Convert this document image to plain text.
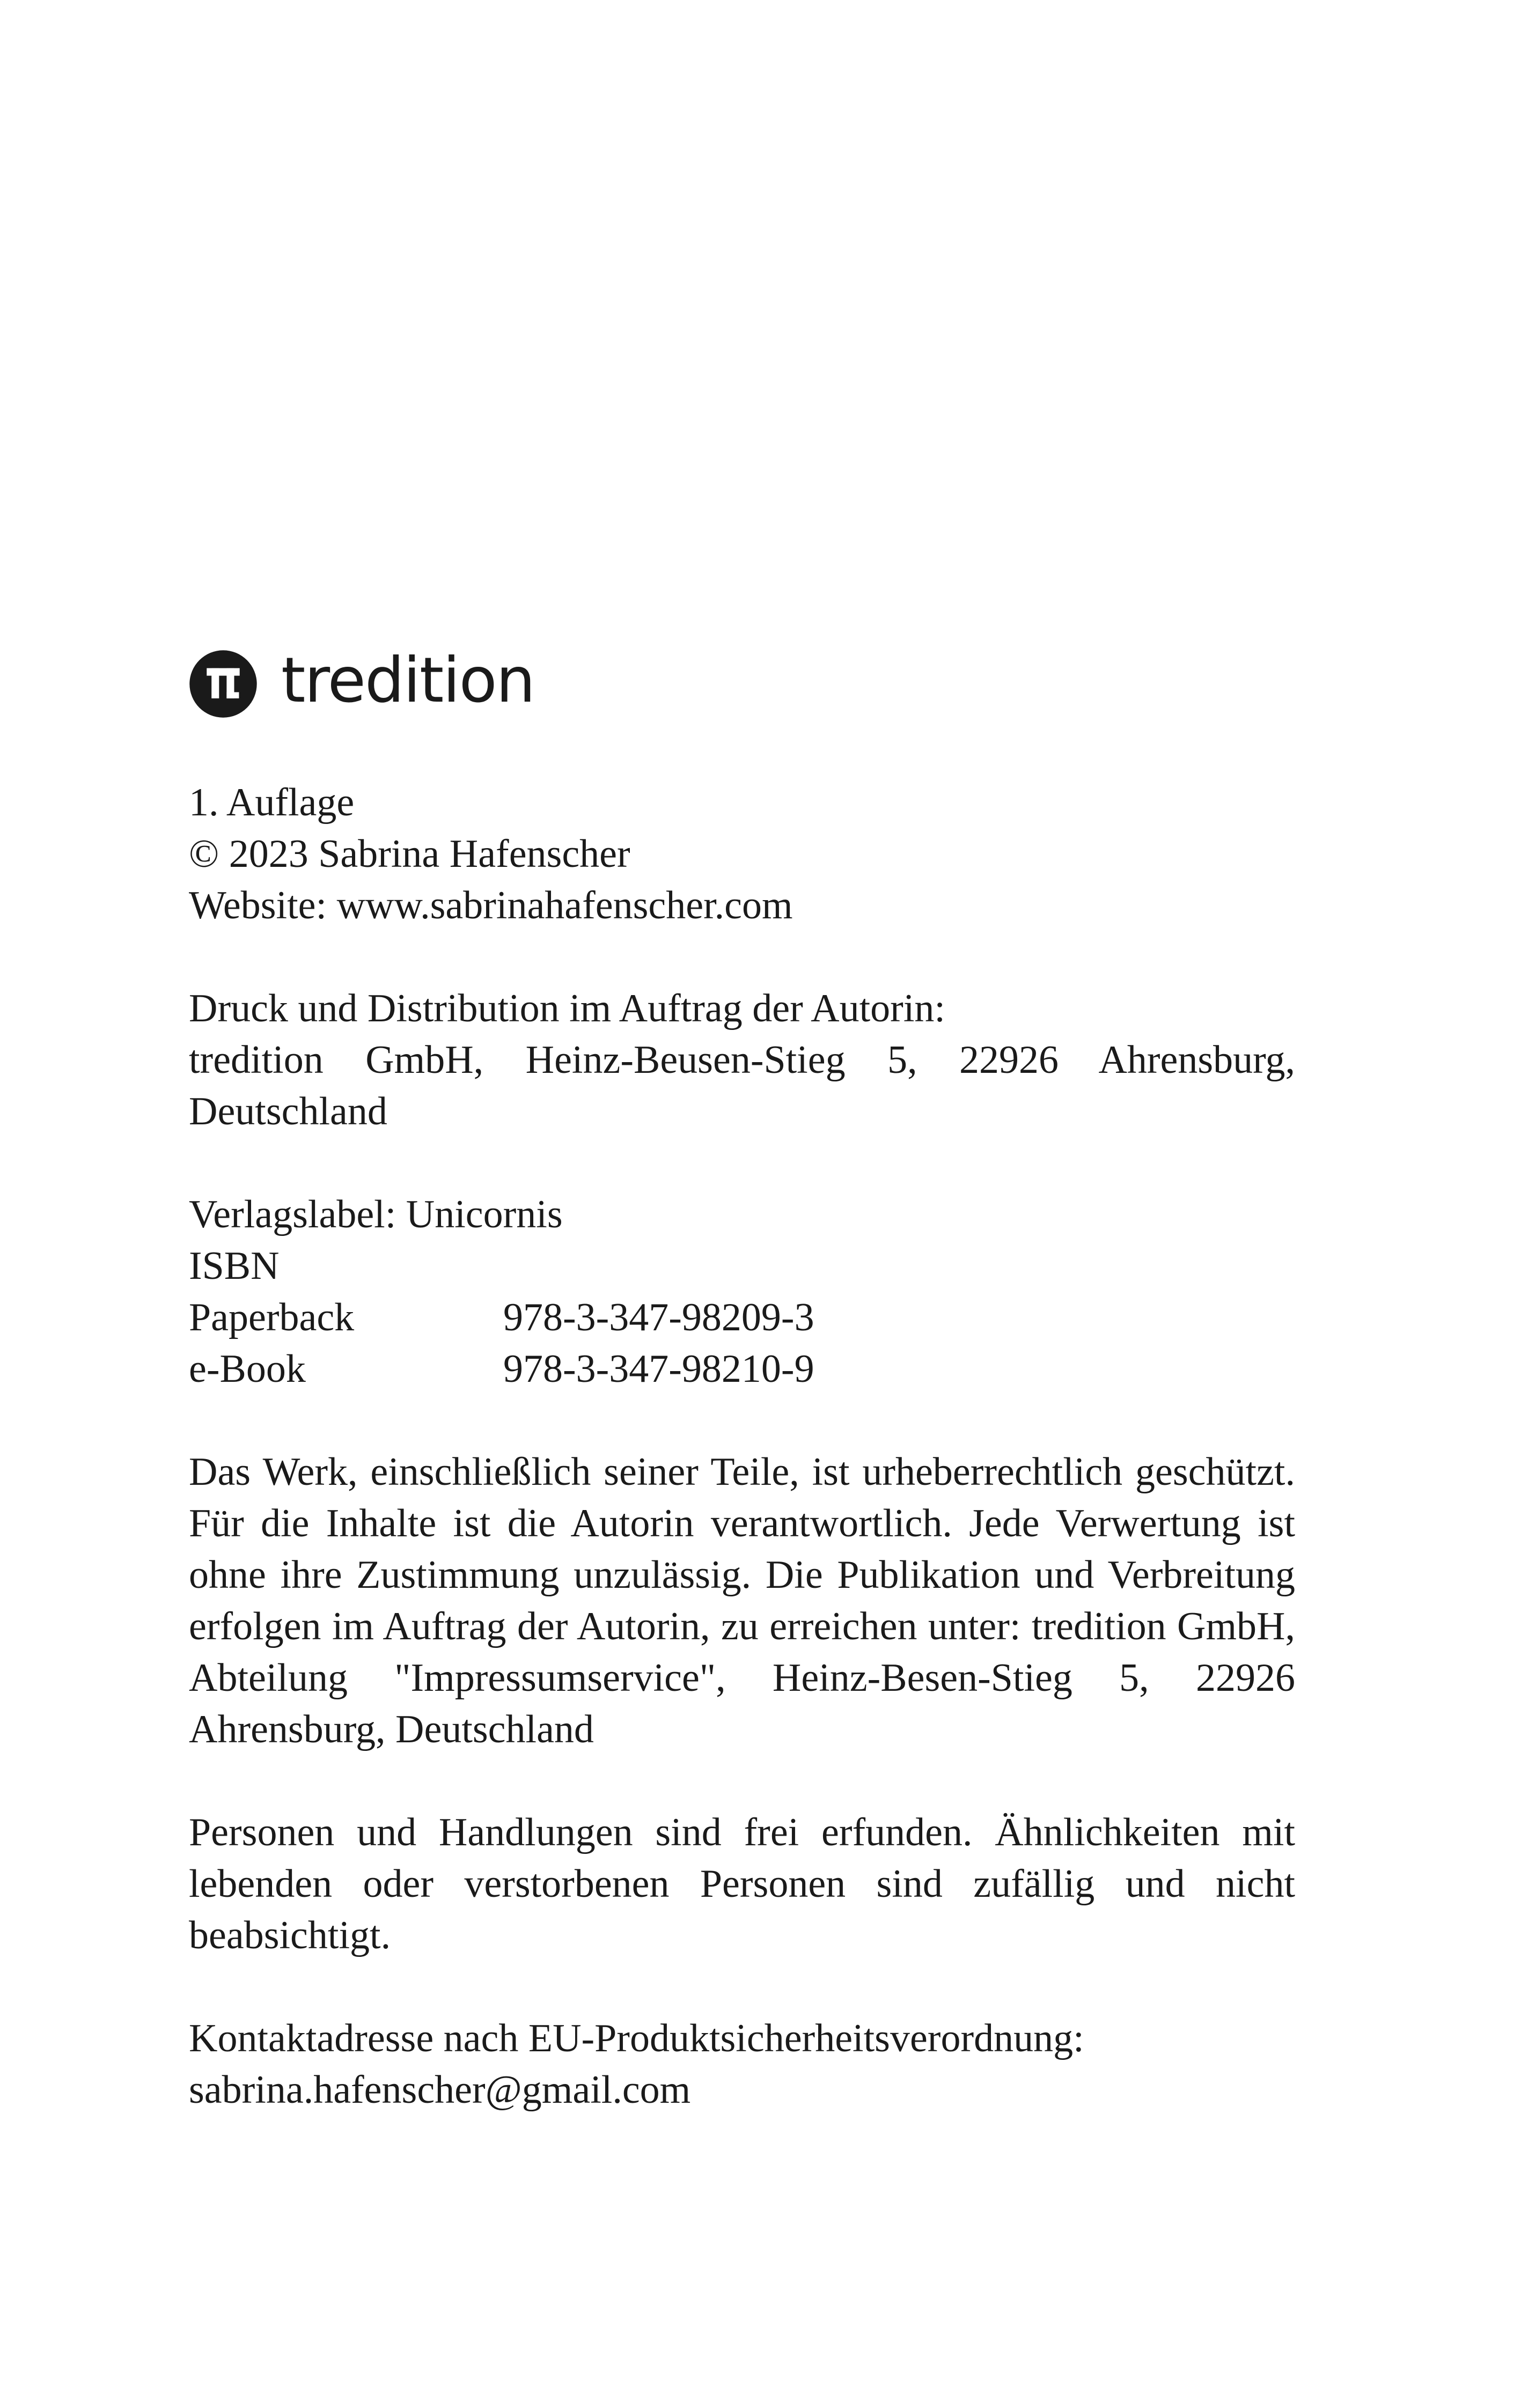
tredition
1. Auflage
© 2023 Sabrina Hafenscher
Website: www.sabrinahafenscher.com
Druck und Distribution im Auftrag der Autorin:

tredition GmbH, Heinz-Beusen-Stieg 5, 22926 Ahrensburg, Deutschland

Verlagslabel: Unicornis
ISBN
Paperback	978-3-347-98209-3
e-Book	978-3-347-98210-9

Das Werk, einschließlich seiner Teile, ist urheberrechtlich geschützt. Für die Inhalte ist die Autorin verantwortlich. Jede Verwertung ist ohne ihre Zustimmung unzulässig. Die Publikation und Verbreitung erfolgen im Auftrag der Autorin, zu erreichen unter: tredition GmbH, Abteilung "Impressumservice", Heinz-Besen-Stieg 5, 22926 Ahrensburg, Deutschland

Personen und Handlungen sind frei erfunden. Ähnlichkeiten mit lebenden oder verstorbenen Personen sind zufällig und nicht beabsichtigt.

Kontaktadresse nach EU-Produktsicherheitsverordnung:
sabrina.hafenscher@gmail.com
